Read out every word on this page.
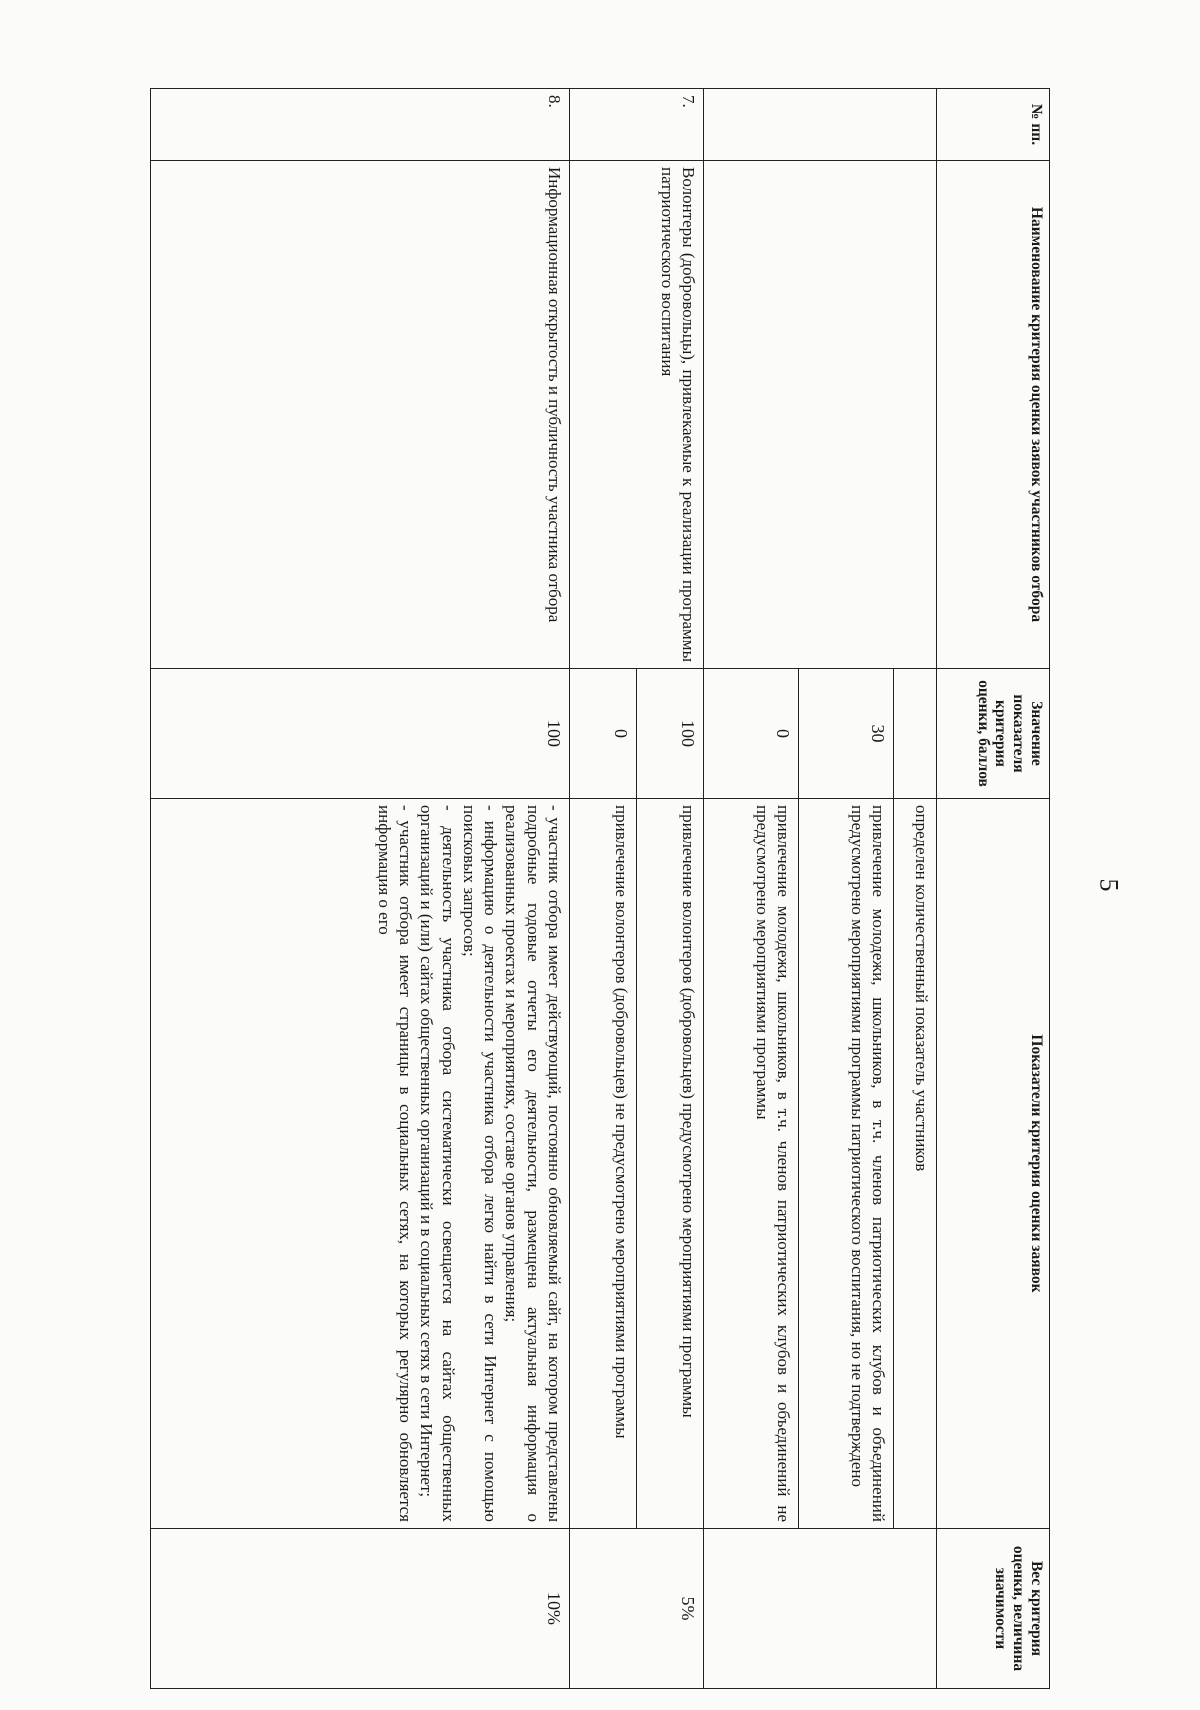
5
№ пп.	Наименование критерия оценки заявок участников отбора	Значение показателя критерия оценки, баллов	Показатели критерия оценки заявок	Вес критерия оценки, величина значимости
			определен количественный показатель участников	
		30	привлечение молодежи, школьников, в т.ч. членов патриотических клубов и объединений предусмотрено мероприятиями программы патриотического воспитания, но не подтверждено	
		0	привлечение молодежи, школьников, в т.ч. членов патриотических клубов и объединений не предусмотрено мероприятиями программы	
7.	Волонтеры (добровольцы), привлекаемые к реализации программы патриотического воспитания	100	привлечение волонтеров (добровольцев) предусмотрено мероприятиями программы	5%
		0	привлечение волонтеров (добровольцев) не предусмотрено мероприятиями программы	
8.	Информационная открытость и публичность участника отбора	100	- участник отбора имеет действующий, постоянно обновляемый сайт, на котором представлены подробные годовые отчеты его деятельности, размещена актуальная информация о реализованных проектах и мероприятиях, составе органов управления;
- информацию о деятельности участника отбора легко найти в сети Интернет с помощью поисковых запросов;
- деятельность участника отбора систематически освещается на сайтах общественных организаций и (или) сайтах общественных организаций и в социальных сетях в сети Интернет;
- участник отбора имеет страницы в социальных сетях, на которых регулярно обновляется информация о его	10%
